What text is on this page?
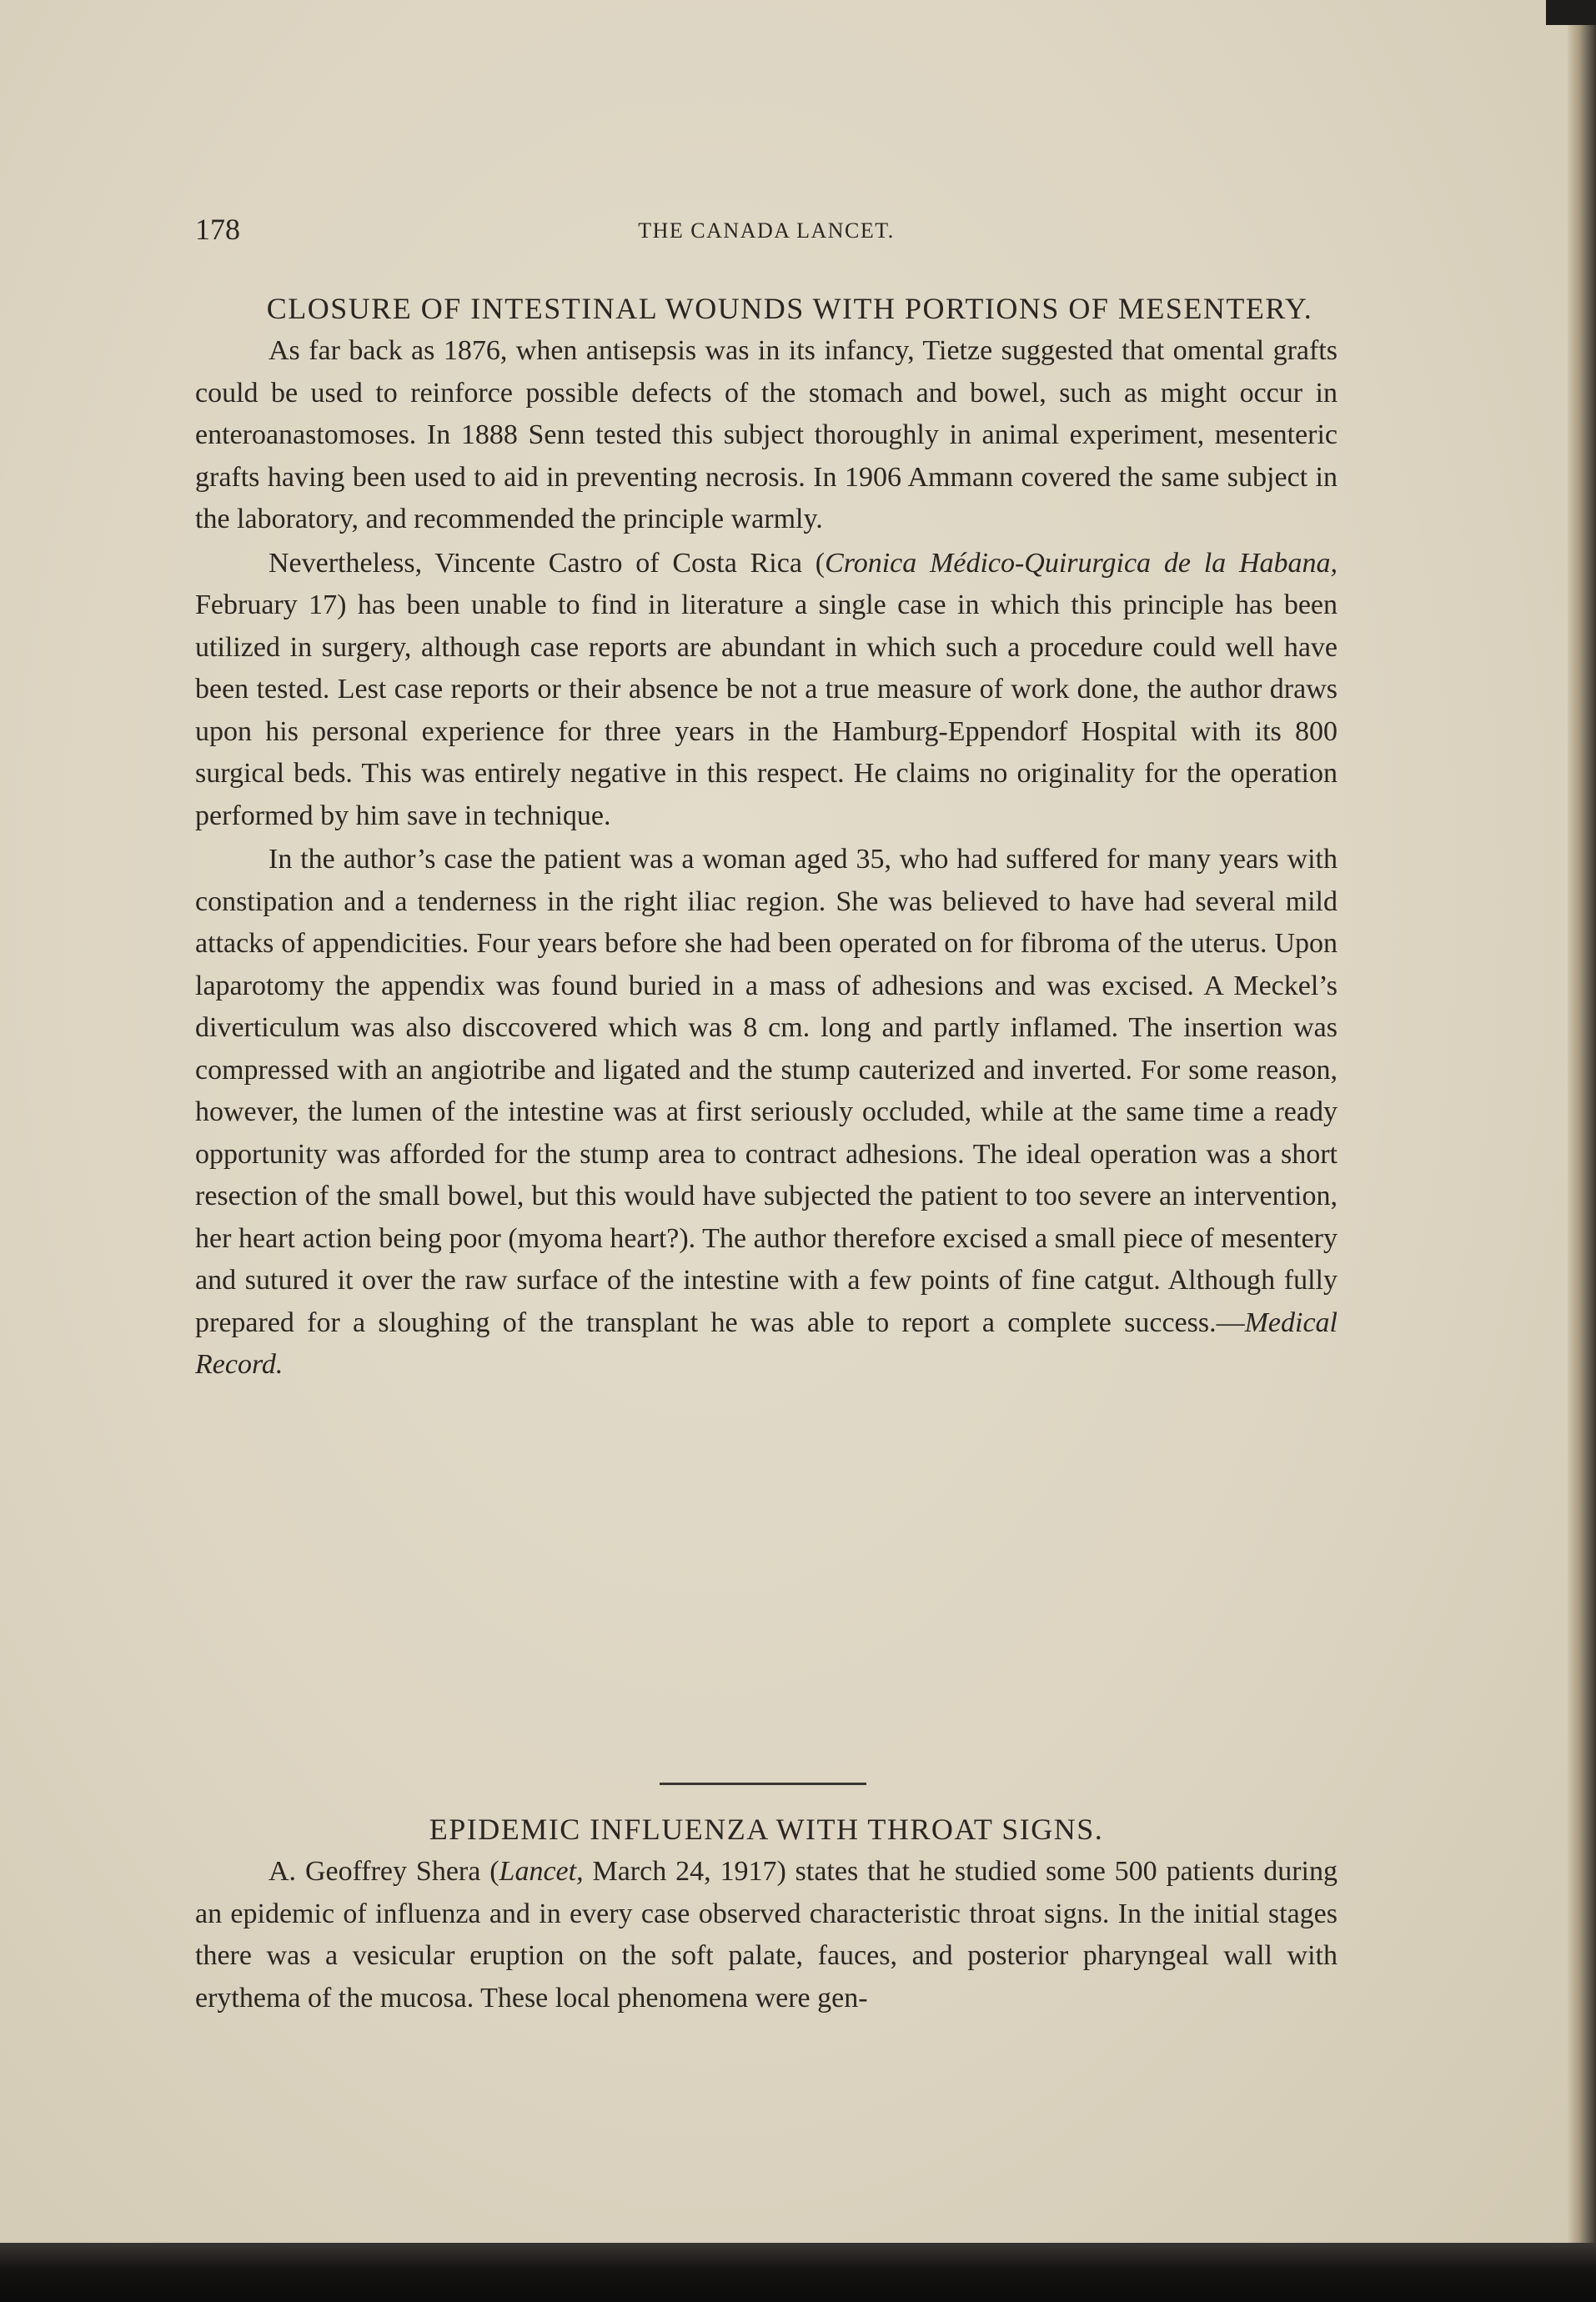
178	THE CANADA LANCET.
CLOSURE OF INTESTINAL WOUNDS WITH PORTIONS OF MESENTERY.

As far back as 1876, when antisepsis was in its infancy, Tietze suggested that omental grafts could be used to reinforce possible defects of the stomach and bowel, such as might occur in enteroanastomoses. In 1888 Senn tested this subject thoroughly in animal experiment, mesenteric grafts having been used to aid in preventing necrosis. In 1906 Ammann covered the same subject in the laboratory, and recommended the principle warmly.

Nevertheless, Vincente Castro of Costa Rica (Cronica Médico-Quirurgica de la Habana, February 17) has been unable to find in literature a single case in which this principle has been utilized in surgery, although case reports are abundant in which such a procedure could well have been tested. Lest case reports or their absence be not a true measure of work done, the author draws upon his personal experience for three years in the Hamburg-Eppendorf Hospital with its 800 surgical beds. This was entirely negative in this respect. He claims no originality for the operation performed by him save in technique.

In the author’s case the patient was a woman aged 35, who had suffered for many years with constipation and a tenderness in the right iliac region. She was believed to have had several mild attacks of appendicities. Four years before she had been operated on for fibroma of the uterus. Upon laparotomy the appendix was found buried in a mass of adhesions and was excised. A Meckel’s diverticulum was also disccovered which was 8 cm. long and partly inflamed. The insertion was compressed with an angiotribe and ligated and the stump cauterized and inverted. For some reason, however, the lumen of the intestine was at first seriously occluded, while at the same time a ready opportunity was afforded for the stump area to contract adhesions. The ideal operation was a short resection of the small bowel, but this would have subjected the patient to too severe an intervention, her heart action being poor (myoma heart?). The author therefore excised a small piece of mesentery and sutured it over the raw surface of the intestine with a few points of fine catgut. Although fully prepared for a sloughing of the transplant he was able to report a complete success.—Medical Record.

EPIDEMIC INFLUENZA WITH THROAT SIGNS.

A. Geoffrey Shera (Lancet, March 24, 1917) states that he studied some 500 patients during an epidemic of influenza and in every case observed characteristic throat signs. In the initial stages there was a vesicular eruption on the soft palate, fauces, and posterior pharyngeal wall with erythema of the mucosa. These local phenomena were gen-
